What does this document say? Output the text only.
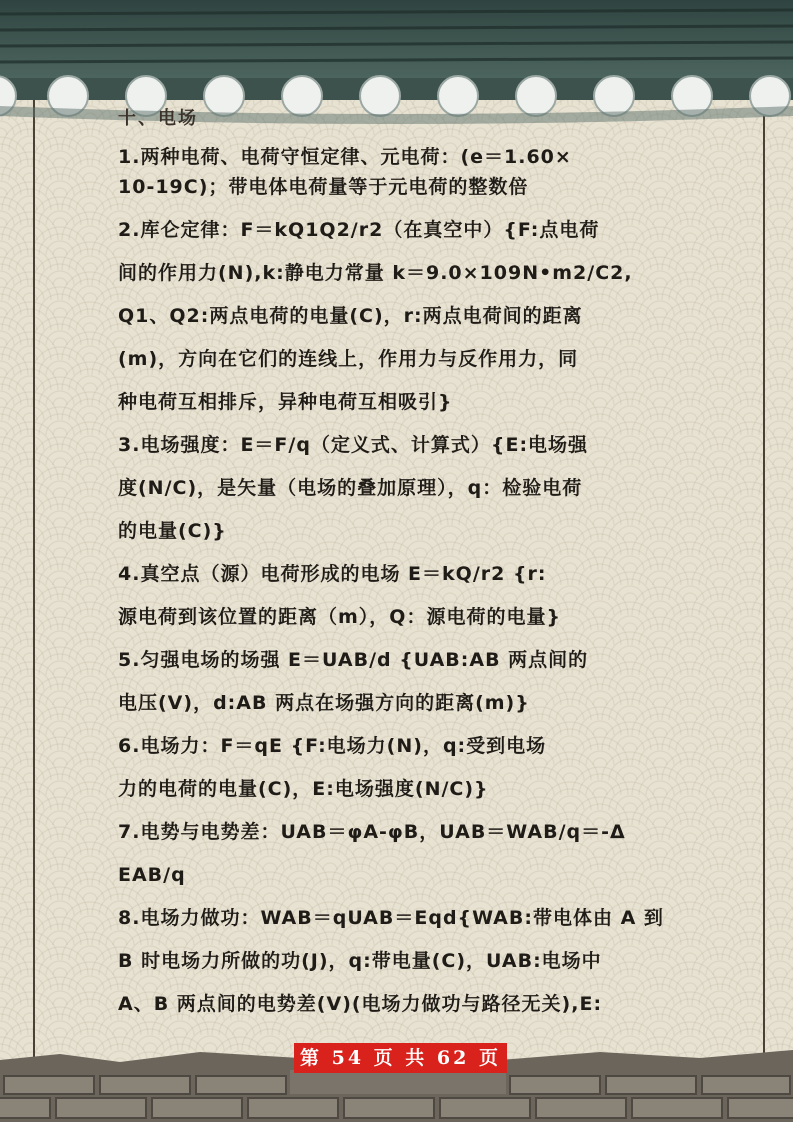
十、电场
1.两种电荷、电荷守恒定律、元电荷：(e＝1.60×
10-19C)；带电体电荷量等于元电荷的整数倍
2.库仑定律：F＝kQ1Q2/r2（在真空中）{F:点电荷
间的作用力(N),k:静电力常量 k＝9.0×109N•m2/C2,
Q1、Q2:两点电荷的电量(C)，r:两点电荷间的距离
(m)，方向在它们的连线上，作用力与反作用力，同
种电荷互相排斥，异种电荷互相吸引}
3.电场强度：E＝F/q（定义式、计算式）{E:电场强
度(N/C)，是矢量（电场的叠加原理），q：检验电荷
的电量(C)}
4.真空点（源）电荷形成的电场 E＝kQ/r2 {r:
源电荷到该位置的距离（m），Q：源电荷的电量}
5.匀强电场的场强 E＝UAB/d {UAB:AB 两点间的
电压(V)，d:AB 两点在场强方向的距离(m)}
6.电场力：F＝qE {F:电场力(N)，q:受到电场
力的电荷的电量(C)，E:电场强度(N/C)}
7.电势与电势差：UAB＝φA-φB，UAB＝WAB/q＝-Δ
EAB/q
8.电场力做功：WAB＝qUAB＝Eqd{WAB:带电体由 A 到
B 时电场力所做的功(J)，q:带电量(C)，UAB:电场中
A、B 两点间的电势差(V)(电场力做功与路径无关),E:
第 54 页 共 62 页
